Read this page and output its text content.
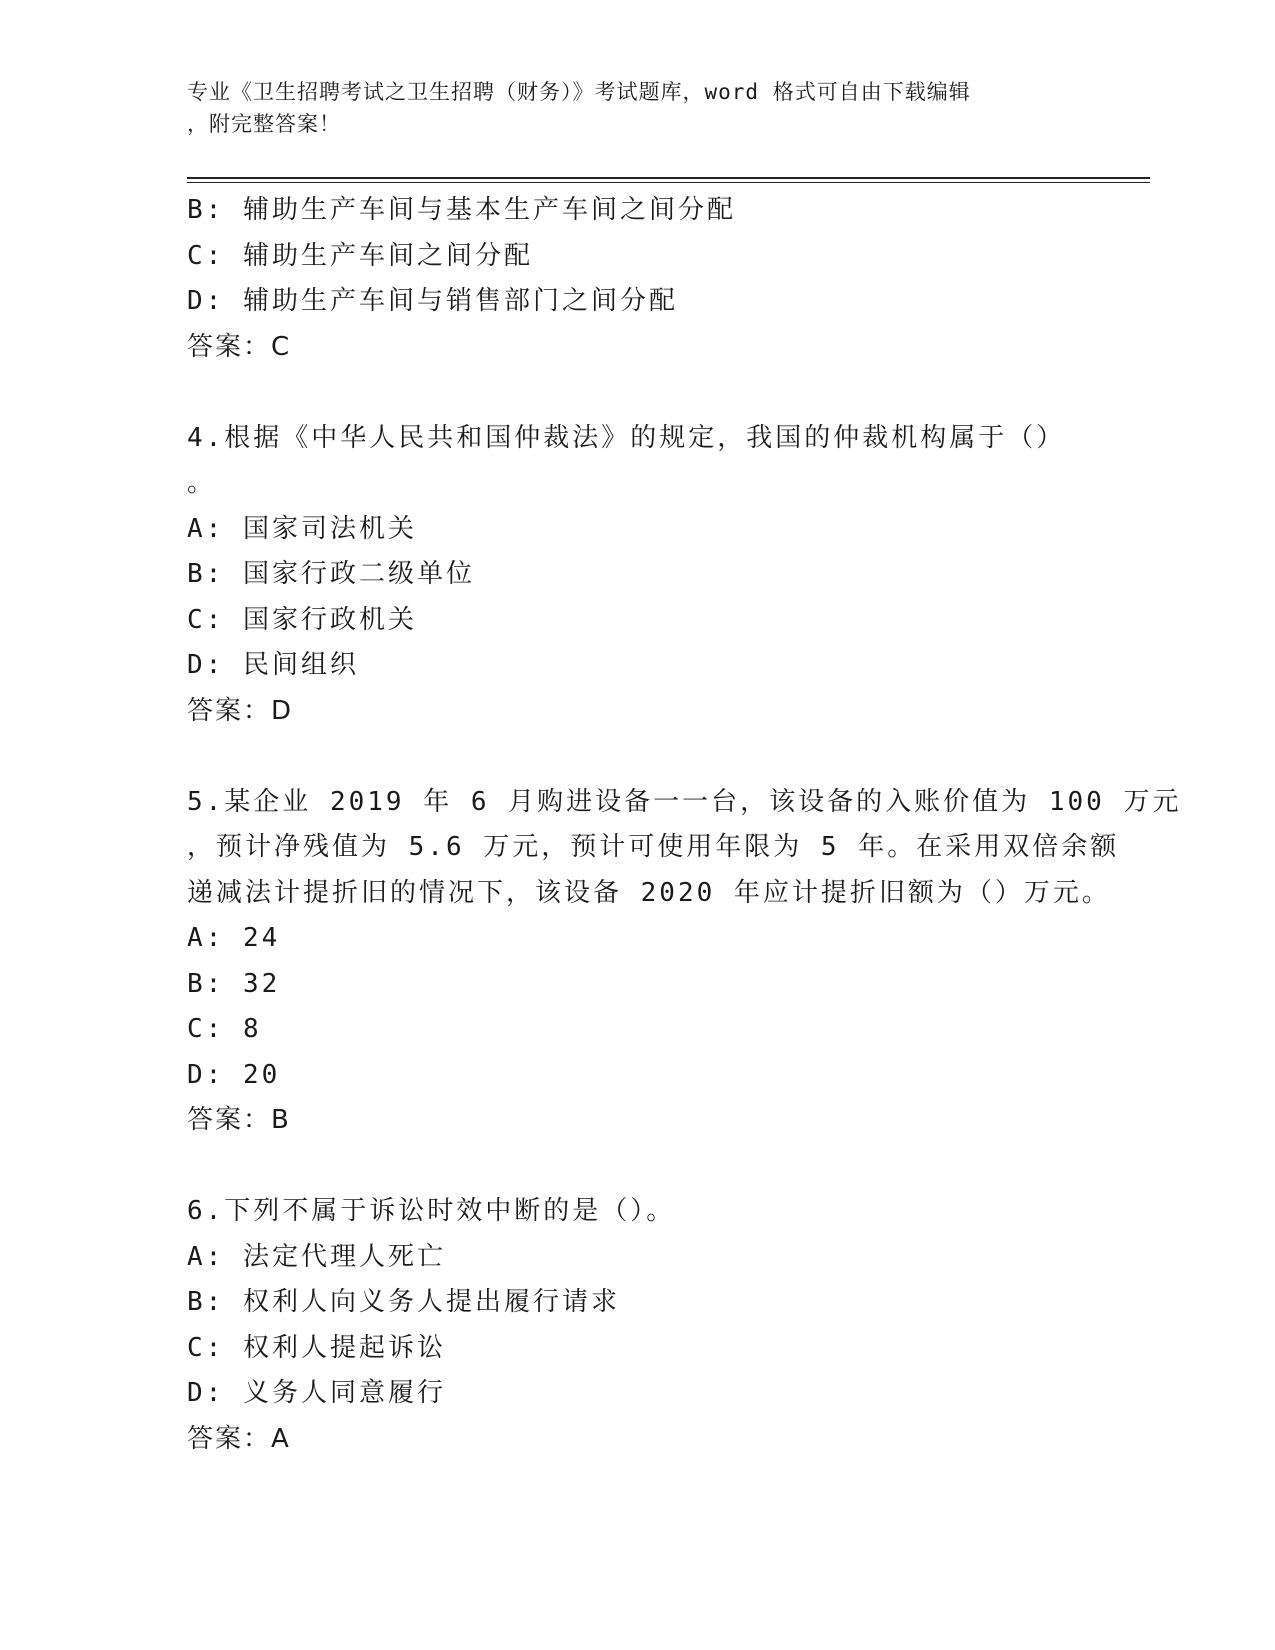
专业《卫生招聘考试之卫生招聘（财务）》考试题库，word 格式可自由下载编辑
，附完整答案！
B: 辅助生产车间与基本生产车间之间分配
C: 辅助生产车间之间分配
D: 辅助生产车间与销售部门之间分配
答案：C
4.根据《中华人民共和国仲裁法》的规定，我国的仲裁机构属于（）
。
A: 国家司法机关
B: 国家行政二级单位
C: 国家行政机关
D: 民间组织
答案：D
5.某企业 2019 年 6 月购进设备一一台，该设备的入账价值为 100 万元
，预计净残值为 5.6 万元，预计可使用年限为 5 年。在采用双倍余额
递减法计提折旧的情况下，该设备 2020 年应计提折旧额为（）万元。
A: 24
B: 32
C: 8
D: 20
答案：B
6.下列不属于诉讼时效中断的是（）。
A: 法定代理人死亡
B: 权利人向义务人提出履行请求
C: 权利人提起诉讼
D: 义务人同意履行
答案：A
